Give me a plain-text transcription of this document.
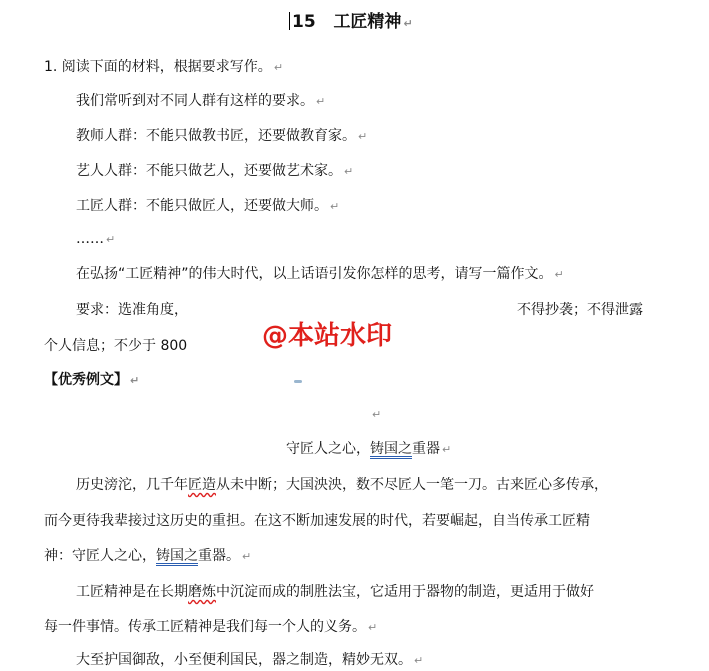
15 工匠精神 ↵
1. 阅读下面的材料，根据要求写作。 ↵
我们常听到对不同人群有这样的要求。 ↵
教师人群：不能只做教书匠，还要做教育家。 ↵
艺人人群：不能只做艺人，还要做艺术家。 ↵
工匠人群：不能只做匠人，还要做大师。 ↵
…… ↵
在弘扬“工匠精神”的伟大时代，以上话语引发你怎样的思考，请写一篇作文。 ↵
要求：选准角度，	不得抄袭；不得泄露
个人信息；不少于 800	@本站水印
【优秀例文】 ↵
↵
守匠人之心，铸国之重器 ↵
历史滂沱，几千年匠造从未中断；大国泱泱，数不尽匠人一笔一刀。古来匠心多传承，
而今更待我辈接过这历史的重担。在这不断加速发展的时代，若要崛起，自当传承工匠精
神：守匠人之心，铸国之重器。 ↵
工匠精神是在长期磨炼中沉淀而成的制胜法宝，它适用于器物的制造，更适用于做好
每一件事情。传承工匠精神是我们每一个人的义务。 ↵
大至护国御敌，小至便利国民，器之制造，精妙无双。 ↵
